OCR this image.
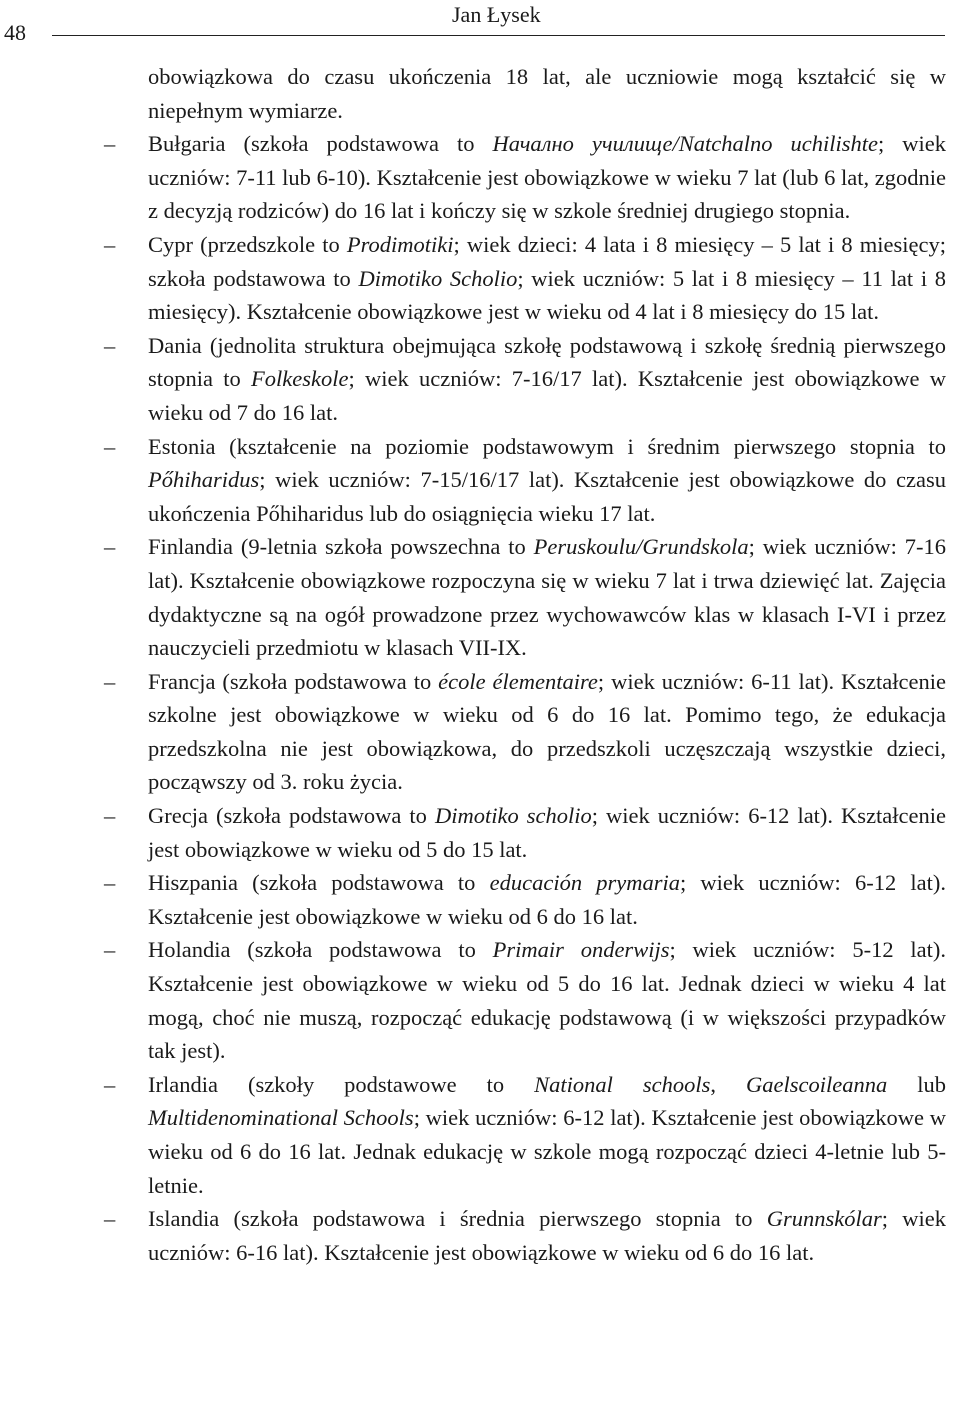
48
Jan Łysek

obowiązkowa do czasu ukończenia 18 lat, ale uczniowie mogą kształcić się w niepełnym wymiarze.

– Bułgaria (szkoła podstawowa to Начално училище/Natchalno uchilishte; wiek uczniów: 7-11 lub 6-10). Kształcenie jest obowiązkowe w wieku 7 lat (lub 6 lat, zgodnie z decyzją rodziców) do 16 lat i kończy się w szkole średniej drugiego stopnia.

– Cypr (przedszkole to Prodimotiki; wiek dzieci: 4 lata i 8 miesięcy – 5 lat i 8 miesięcy; szkoła podstawowa to Dimotiko Scholio; wiek uczniów: 5 lat i 8 miesięcy – 11 lat i 8 miesięcy). Kształcenie obowiązkowe jest w wieku od 4 lat i 8 miesięcy do 15 lat.

– Dania (jednolita struktura obejmująca szkołę podstawową i szkołę średnią pierwszego stopnia to Folkeskole; wiek uczniów: 7-16/17 lat). Kształcenie jest obowiązkowe w wieku od 7 do 16 lat.

– Estonia (kształcenie na poziomie podstawowym i średnim pierwszego stopnia to Pőhiharidus; wiek uczniów: 7-15/16/17 lat). Kształcenie jest obowiązkowe do czasu ukończenia Pőhiharidus lub do osiągnięcia wieku 17 lat.

– Finlandia (9-letnia szkoła powszechna to Peruskoulu/Grundskola; wiek uczniów: 7-16 lat). Kształcenie obowiązkowe rozpoczyna się w wieku 7 lat i trwa dziewięć lat. Zajęcia dydaktyczne są na ogół prowadzone przez wychowawców klas w klasach I-VI i przez nauczycieli przedmiotu w klasach VII-IX.

– Francja (szkoła podstawowa to école élementaire; wiek uczniów: 6-11 lat). Kształcenie szkolne jest obowiązkowe w wieku od 6 do 16 lat. Pomimo tego, że edukacja przedszkolna nie jest obowiązkowa, do przedszkoli uczęszczają wszystkie dzieci, począwszy od 3. roku życia.

– Grecja (szkoła podstawowa to Dimotiko scholio; wiek uczniów: 6-12 lat). Kształcenie jest obowiązkowe w wieku od 5 do 15 lat.

– Hiszpania (szkoła podstawowa to educación prymaria; wiek uczniów: 6-12 lat). Kształcenie jest obowiązkowe w wieku od 6 do 16 lat.

– Holandia (szkoła podstawowa to Primair onderwijs; wiek uczniów: 5-12 lat). Kształcenie jest obowiązkowe w wieku od 5 do 16 lat. Jednak dzieci w wieku 4 lat mogą, choć nie muszą, rozpocząć edukację podstawową (i w większości przypadków tak jest).

– Irlandia (szkoły podstawowe to National schools, Gaelscoileanna lub Multidenominational Schools; wiek uczniów: 6-12 lat). Kształcenie jest obowiązkowe w wieku od 6 do 16 lat. Jednak edukację w szkole mogą rozpocząć dzieci 4-letnie lub 5-letnie.

– Islandia (szkoła podstawowa i średnia pierwszego stopnia to Grunnskólar; wiek uczniów: 6-16 lat). Kształcenie jest obowiązkowe w wieku od 6 do 16 lat.
